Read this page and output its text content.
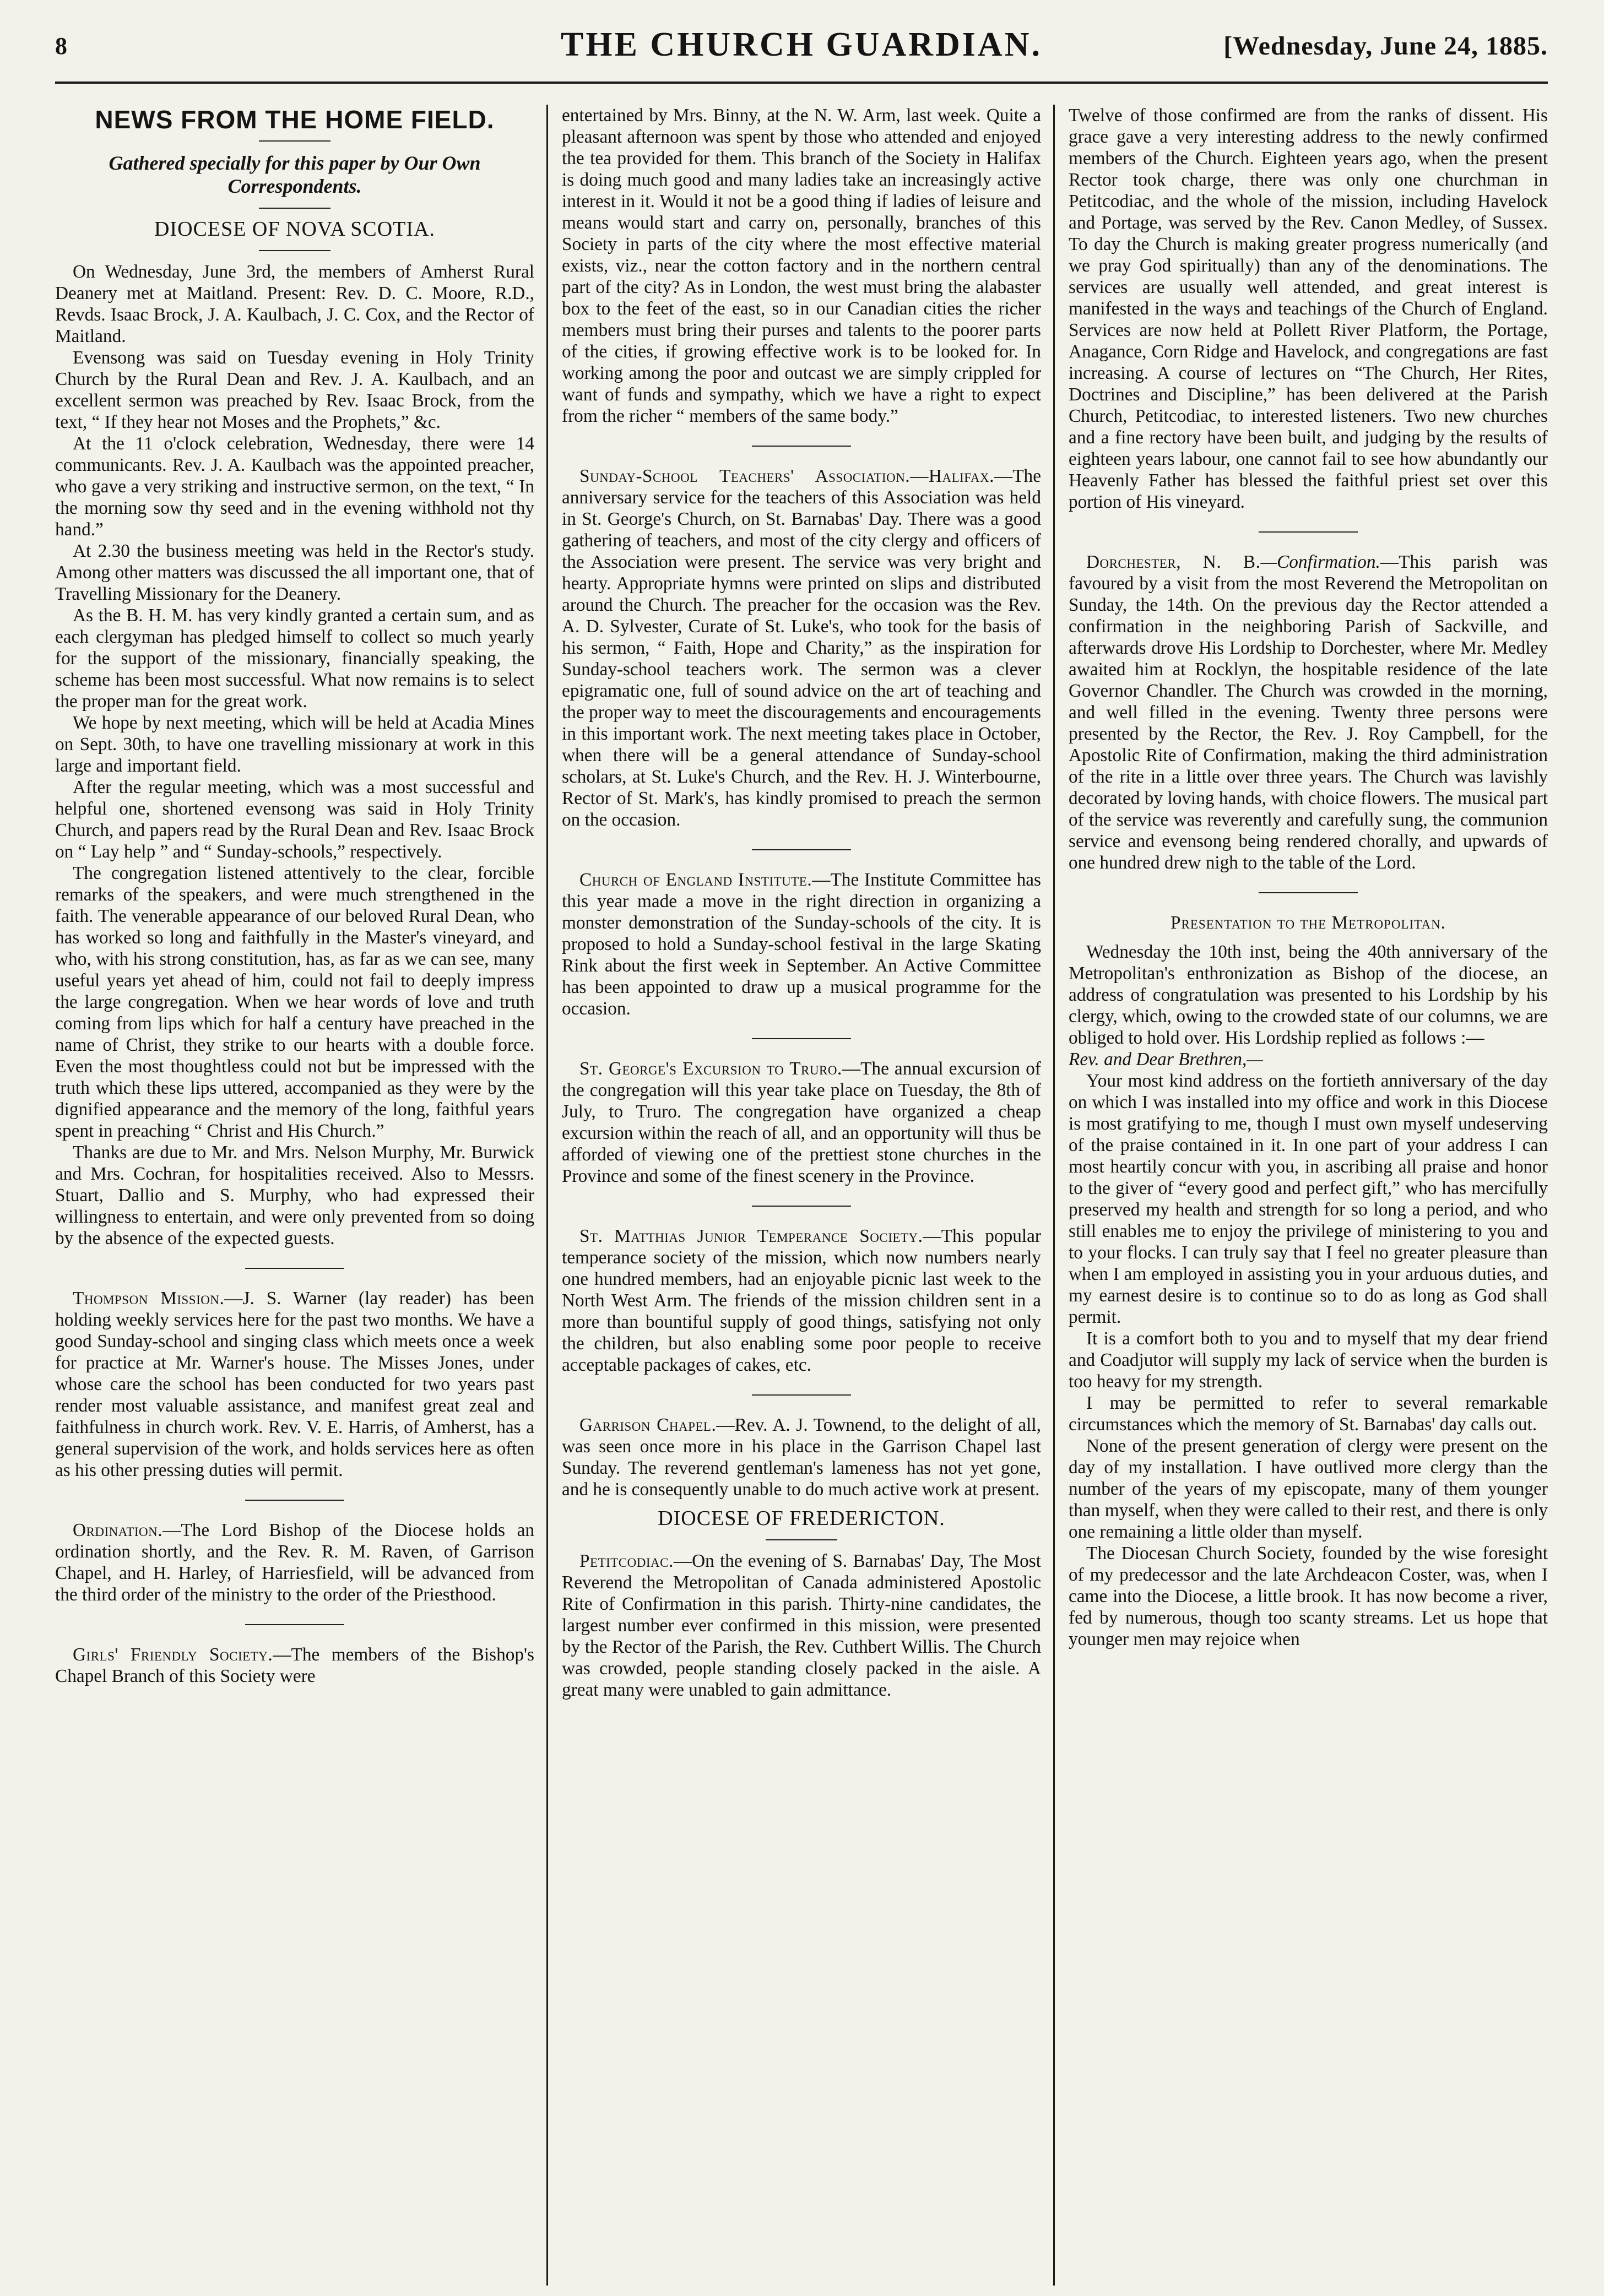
8	THE CHURCH GUARDIAN.	[Wednesday, June 24, 1885.
NEWS FROM THE HOME FIELD.
Gathered specially for this paper by Our Own Correspondents.
DIOCESE OF NOVA SCOTIA.

On Wednesday, June 3rd, the members of Amherst Rural Deanery met at Maitland. Present: Rev. D. C. Moore, R.D., Revds. Isaac Brock, J. A. Kaulbach, J. C. Cox, and the Rector of Maitland.

Evensong was said on Tuesday evening in Holy Trinity Church by the Rural Dean and Rev. J. A. Kaulbach, and an excellent sermon was preached by Rev. Isaac Brock, from the text, “ If they hear not Moses and the Prophets,” &c.

At the 11 o'clock celebration, Wednesday, there were 14 communicants. Rev. J. A. Kaulbach was the appointed preacher, who gave a very striking and instructive sermon, on the text, “ In the morning sow thy seed and in the evening withhold not thy hand.”

At 2.30 the business meeting was held in the Rector's study. Among other matters was discussed the all important one, that of Travelling Missionary for the Deanery.

As the B. H. M. has very kindly granted a certain sum, and as each clergyman has pledged himself to collect so much yearly for the support of the missionary, financially speaking, the scheme has been most successful. What now remains is to select the proper man for the great work.

We hope by next meeting, which will be held at Acadia Mines on Sept. 30th, to have one travelling missionary at work in this large and important field.

After the regular meeting, which was a most successful and helpful one, shortened evensong was said in Holy Trinity Church, and papers read by the Rural Dean and Rev. Isaac Brock on “ Lay help ” and “ Sunday-schools,” respectively.

The congregation listened attentively to the clear, forcible remarks of the speakers, and were much strengthened in the faith. The venerable appearance of our beloved Rural Dean, who has worked so long and faithfully in the Master's vineyard, and who, with his strong constitution, has, as far as we can see, many useful years yet ahead of him, could not fail to deeply impress the large congregation. When we hear words of love and truth coming from lips which for half a century have preached in the name of Christ, they strike to our hearts with a double force. Even the most thoughtless could not but be impressed with the truth which these lips uttered, accompanied as they were by the dignified appearance and the memory of the long, faithful years spent in preaching “ Christ and His Church.”

Thanks are due to Mr. and Mrs. Nelson Murphy, Mr. Burwick and Mrs. Cochran, for hospitalities received. Also to Messrs. Stuart, Dallio and S. Murphy, who had expressed their willingness to entertain, and were only prevented from so doing by the absence of the expected guests.

Thompson Mission.—J. S. Warner (lay reader) has been holding weekly services here for the past two months. We have a good Sunday-school and singing class which meets once a week for practice at Mr. Warner's house. The Misses Jones, under whose care the school has been conducted for two years past render most valuable assistance, and manifest great zeal and faithfulness in church work. Rev. V. E. Harris, of Amherst, has a general supervision of the work, and holds services here as often as his other pressing duties will permit.

Ordination.—The Lord Bishop of the Diocese holds an ordination shortly, and the Rev. R. M. Raven, of Garrison Chapel, and H. Harley, of Harriesfield, will be advanced from the third order of the ministry to the order of the Priesthood.

Girls' Friendly Society.—The members of the Bishop's Chapel Branch of this Society were

entertained by Mrs. Binny, at the N. W. Arm, last week. Quite a pleasant afternoon was spent by those who attended and enjoyed the tea provided for them. This branch of the Society in Halifax is doing much good and many ladies take an increasingly active interest in it. Would it not be a good thing if ladies of leisure and means would start and carry on, personally, branches of this Society in parts of the city where the most effective material exists, viz., near the cotton factory and in the northern central part of the city? As in London, the west must bring the alabaster box to the feet of the east, so in our Canadian cities the richer members must bring their purses and talents to the poorer parts of the cities, if growing effective work is to be looked for. In working among the poor and outcast we are simply crippled for want of funds and sympathy, which we have a right to expect from the richer “ members of the same body.”

Sunday-School Teachers' Association.—Halifax.—The anniversary service for the teachers of this Association was held in St. George's Church, on St. Barnabas' Day. There was a good gathering of teachers, and most of the city clergy and officers of the Association were present. The service was very bright and hearty. Appropriate hymns were printed on slips and distributed around the Church. The preacher for the occasion was the Rev. A. D. Sylvester, Curate of St. Luke's, who took for the basis of his sermon, “ Faith, Hope and Charity,” as the inspiration for Sunday-school teachers work. The sermon was a clever epigramatic one, full of sound advice on the art of teaching and the proper way to meet the discouragements and encouragements in this important work. The next meeting takes place in October, when there will be a general attendance of Sunday-school scholars, at St. Luke's Church, and the Rev. H. J. Winterbourne, Rector of St. Mark's, has kindly promised to preach the sermon on the occasion.

Church of England Institute.—The Institute Committee has this year made a move in the right direction in organizing a monster demonstration of the Sunday-schools of the city. It is proposed to hold a Sunday-school festival in the large Skating Rink about the first week in September. An Active Committee has been appointed to draw up a musical programme for the occasion.

St. George's Excursion to Truro.—The annual excursion of the congregation will this year take place on Tuesday, the 8th of July, to Truro. The congregation have organized a cheap excursion within the reach of all, and an opportunity will thus be afforded of viewing one of the prettiest stone churches in the Province and some of the finest scenery in the Province.

St. Matthias Junior Temperance Society.—This popular temperance society of the mission, which now numbers nearly one hundred members, had an enjoyable picnic last week to the North West Arm. The friends of the mission children sent in a more than bountiful supply of good things, satisfying not only the children, but also enabling some poor people to receive acceptable packages of cakes, etc.

Garrison Chapel.—Rev. A. J. Townend, to the delight of all, was seen once more in his place in the Garrison Chapel last Sunday. The reverend gentleman's lameness has not yet gone, and he is consequently unable to do much active work at present.

DIOCESE OF FREDERICTON.

Petitcodiac.—On the evening of S. Barnabas' Day, The Most Reverend the Metropolitan of Canada administered Apostolic Rite of Confirmation in this parish. Thirty-nine candidates, the largest number ever confirmed in this mission, were presented by the Rector of the Parish, the Rev. Cuthbert Willis. The Church was crowded, people standing closely packed in the aisle. A great many were unabled to gain admittance.

Twelve of those confirmed are from the ranks of dissent. His grace gave a very interesting address to the newly confirmed members of the Church. Eighteen years ago, when the present Rector took charge, there was only one churchman in Petitcodiac, and the whole of the mission, including Havelock and Portage, was served by the Rev. Canon Medley, of Sussex. To day the Church is making greater progress numerically (and we pray God spiritually) than any of the denominations. The services are usually well attended, and great interest is manifested in the ways and teachings of the Church of England. Services are now held at Pollett River Platform, the Portage, Anagance, Corn Ridge and Havelock, and congregations are fast increasing. A course of lectures on “The Church, Her Rites, Doctrines and Discipline,” has been delivered at the Parish Church, Petitcodiac, to interested listeners. Two new churches and a fine rectory have been built, and judging by the results of eighteen years labour, one cannot fail to see how abundantly our Heavenly Father has blessed the faithful priest set over this portion of His vineyard.

Dorchester, N. B.—Confirmation.—This parish was favoured by a visit from the most Reverend the Metropolitan on Sunday, the 14th. On the previous day the Rector attended a confirmation in the neighboring Parish of Sackville, and afterwards drove His Lordship to Dorchester, where Mr. Medley awaited him at Rocklyn, the hospitable residence of the late Governor Chandler. The Church was crowded in the morning, and well filled in the evening. Twenty three persons were presented by the Rector, the Rev. J. Roy Campbell, for the Apostolic Rite of Confirmation, making the third administration of the rite in a little over three years. The Church was lavishly decorated by loving hands, with choice flowers. The musical part of the service was reverently and carefully sung, the communion service and evensong being rendered chorally, and upwards of one hundred drew nigh to the table of the Lord.

Presentation to the Metropolitan.

Wednesday the 10th inst, being the 40th anniversary of the Metropolitan's enthronization as Bishop of the diocese, an address of congratulation was presented to his Lordship by his clergy, which, owing to the crowded state of our columns, we are obliged to hold over. His Lordship replied as follows :—

Rev. and Dear Brethren,—

Your most kind address on the fortieth anniversary of the day on which I was installed into my office and work in this Diocese is most gratifying to me, though I must own myself undeserving of the praise contained in it. In one part of your address I can most heartily concur with you, in ascribing all praise and honor to the giver of “every good and perfect gift,” who has mercifully preserved my health and strength for so long a period, and who still enables me to enjoy the privilege of ministering to you and to your flocks. I can truly say that I feel no greater pleasure than when I am employed in assisting you in your arduous duties, and my earnest desire is to continue so to do as long as God shall permit.

It is a comfort both to you and to myself that my dear friend and Coadjutor will supply my lack of service when the burden is too heavy for my strength.

I may be permitted to refer to several remarkable circumstances which the memory of St. Barnabas' day calls out.

None of the present generation of clergy were present on the day of my installation. I have outlived more clergy than the number of the years of my episcopate, many of them younger than myself, when they were called to their rest, and there is only one remaining a little older than myself.

The Diocesan Church Society, founded by the wise foresight of my predecessor and the late Archdeacon Coster, was, when I came into the Diocese, a little brook. It has now become a river, fed by numerous, though too scanty streams. Let us hope that younger men may rejoice when
